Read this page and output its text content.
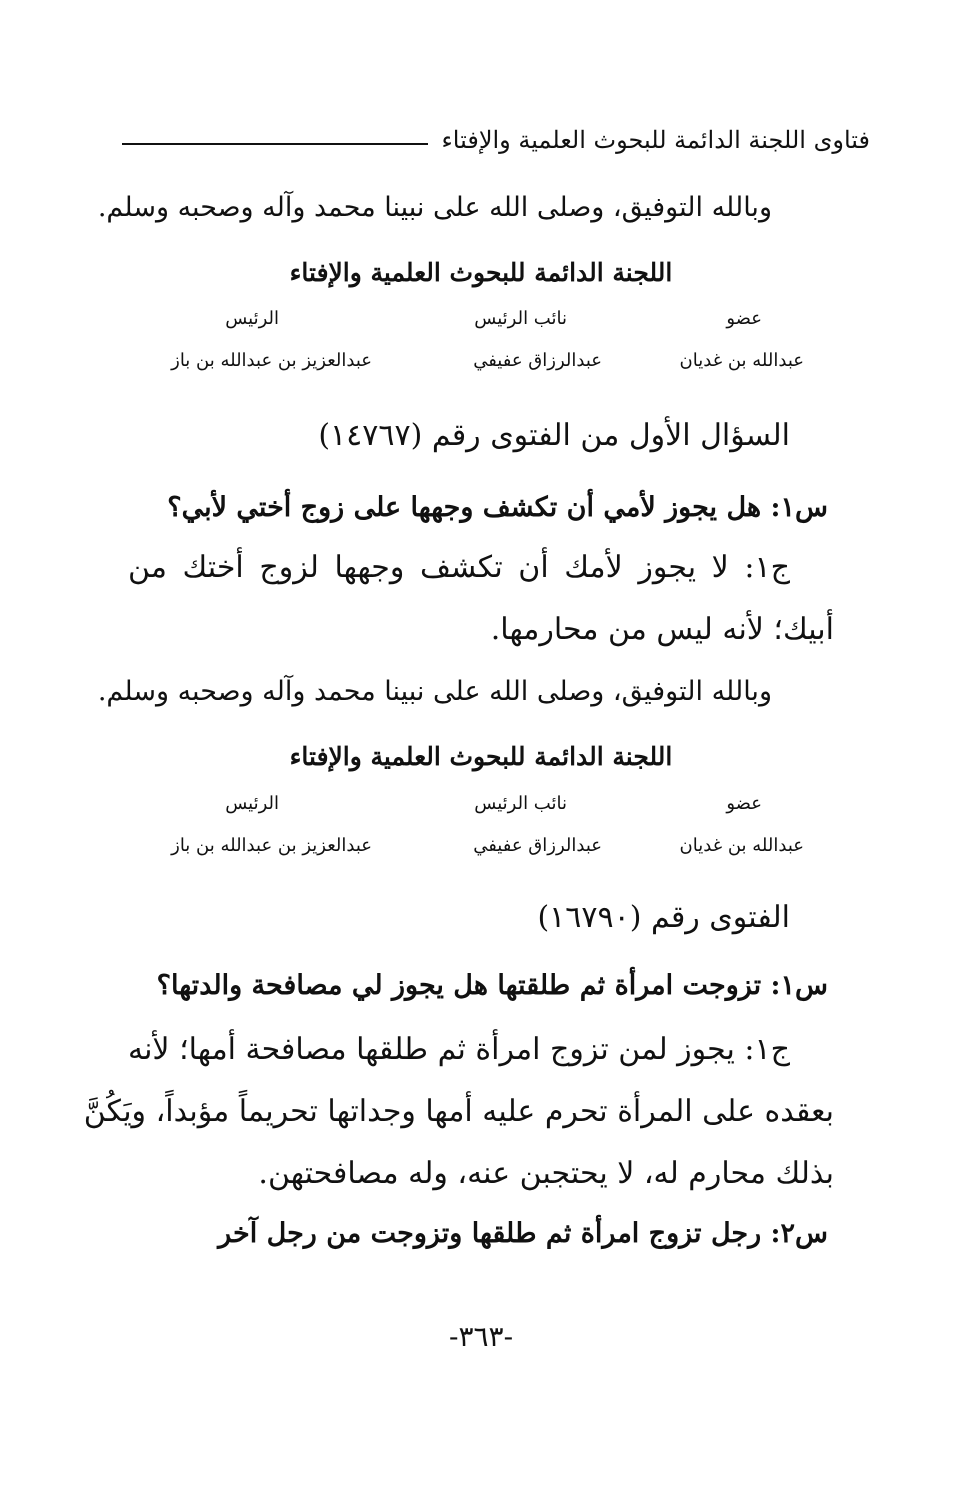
فتاوى اللجنة الدائمة للبحوث العلمية والإفتاء
وبالله التوفيق، وصلى الله على نبينا محمد وآله وصحبه وسلم.
اللجنة الدائمة للبحوث العلمية والإفتاء
عضو
نائب الرئيس
الرئيس
عبدالله بن غديان
عبدالرزاق عفيفي
عبدالعزيز بن عبدالله بن باز
السؤال الأول من الفتوى رقم (١٤٧٦٧)
س١: هل يجوز لأمي أن تكشف وجهها على زوج أختي لأبي؟
ج١: لا يجوز لأمك أن تكشف وجهها لزوج أختك من
أبيك؛ لأنه ليس من محارمها.
وبالله التوفيق، وصلى الله على نبينا محمد وآله وصحبه وسلم.
اللجنة الدائمة للبحوث العلمية والإفتاء
عضو
نائب الرئيس
الرئيس
عبدالله بن غديان
عبدالرزاق عفيفي
عبدالعزيز بن عبدالله بن باز
الفتوى رقم (١٦٧٩٠)
س١: تزوجت امرأة ثم طلقتها هل يجوز لي مصافحة والدتها؟
ج١: يجوز لمن تزوج امرأة ثم طلقها مصافحة أمها؛ لأنه
بعقده على المرأة تحرم عليه أمها وجداتها تحريماً مؤبداً، ويَكُنَّ
بذلك محارم له، لا يحتجبن عنه، وله مصافحتهن.
س٢: رجل تزوج امرأة ثم طلقها وتزوجت من رجل آخر
-٣٦٣-
